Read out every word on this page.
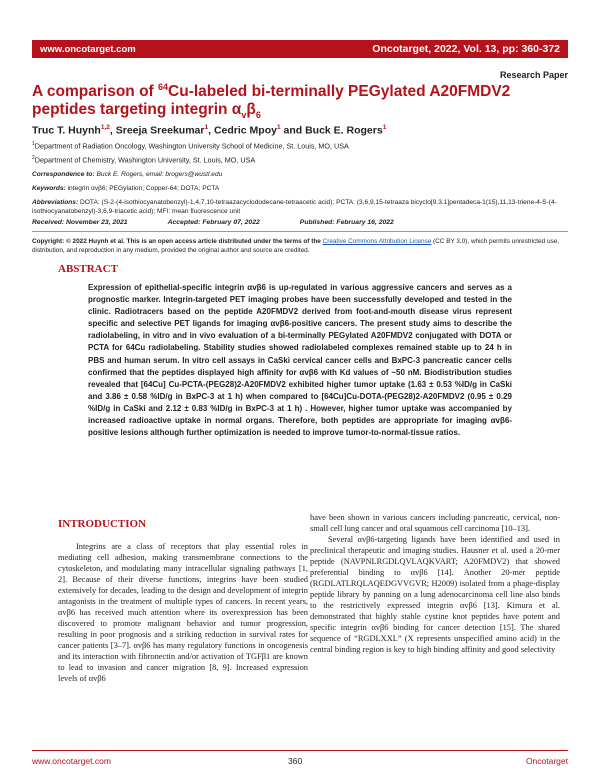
www.oncotarget.com	Oncotarget, 2022, Vol. 13, pp: 360-372
Research Paper
A comparison of $^{64}$Cu-labeled bi-terminally PEGylated A20FMDV2
peptides targeting integrin $\alpha_v\beta_6$
Truc T. Huynh$^{1,2}$, Sreeja Sreekumar$^1$, Cedric Mpoy$^1$ and Buck E. Rogers$^1$
$^1$Department of Radiation Oncology, Washington University School of Medicine, St. Louis, MO, USA
$^2$Department of Chemistry, Washington University, St. Louis, MO, USA
Correspondence to: Buck E. Rogers, email: brogers@wustl.edu
Keywords: integrin αvβ6; PEGylation; Copper-64; DOTA; PCTA
Abbreviations: DOTA: (S-2-(4-isothiocyanatobenzyl)-1,4,7,10-tetraazacyclododecane-tetraacetic acid); PCTA: (3,6,9,15-tetraaza bicyclo[9.3.1]pentadeca-1(15),11,13-triene-4-S-(4-isothiocyanatobenzyl)-3,6,9-triacetic acid); MFI: mean fluorescence unit
Received: November 23, 2021	Accepted: February 07, 2022	Published: February 16, 2022
Copyright: © 2022 Huynh et al. This is an open access article distributed under the terms of the Creative Commons Attribution License (CC BY 3.0), which permits unrestricted use, distribution, and reproduction in any medium, provided the original author and source are credited.
ABSTRACT
Expression of epithelial-specific integrin αvβ6 is up-regulated in various aggressive cancers and serves as a prognostic marker. Integrin-targeted PET imaging probes have been successfully developed and tested in the clinic. Radiotracers based on the peptide A20FMDV2 derived from foot-and-mouth disease virus represent specific and selective PET ligands for imaging αvβ6-positive cancers. The present study aims to describe the radiolabeling, in vitro and in vivo evaluation of a bi-terminally PEGylated A20FMDV2 conjugated with DOTA or PCTA for 64Cu radiolabeling. Stability studies showed radiolabeled complexes remained stable up to 24 h in PBS and human serum. In vitro cell assays in CaSki cervical cancer cells and BxPC-3 pancreatic cancer cells confirmed that the peptides displayed high affinity for αvβ6 with Kd values of ~50 nM. Biodistribution studies revealed that [64Cu] Cu-PCTA-(PEG28)2-A20FMDV2 exhibited higher tumor uptake (1.63 ± 0.53 %ID/g in CaSki and 3.86 ± 0.58 %ID/g in BxPC-3 at 1 h) when compared to [64Cu]Cu-DOTA-(PEG28)2-A20FMDV2 (0.95 ± 0.29 %ID/g in CaSki and 2.12 ± 0.83 %ID/g in BxPC-3 at 1 h) . However, higher tumor uptake was accompanied by increased radioactive uptake in normal organs. Therefore, both peptides are appropriate for imaging αvβ6-positive lesions although further optimization is needed to improve tumor-to-normal-tissue ratios.
INTRODUCTION

Integrins are a class of receptors that play essential roles in mediating cell adhesion, making transmembrane connections to the cytoskeleton, and modulating many intracellular signaling pathways [1, 2]. Because of their diverse functions, integrins have been studied extensively for decades, leading to the design and development of integrin antagonists in the treatment of multiple types of cancers. In recent years, αvβ6 has received much attention where its overexpression has been discovered to promote malignant behavior and tumor progression, resulting in poor prognosis and a striking reduction in survival rates for cancer patients [3–7]. αvβ6 has many regulatory functions in oncogenesis and its interaction with fibronectin and/or activation of TGFβ1 are known to lead to invasion and cancer migration [8, 9]. Increased expression levels of αvβ6

have been shown in various cancers including pancreatic, cervical, non-small cell lung cancer and oral squamous cell carcinoma [10–13].

Several αvβ6-targeting ligands have been identified and used in preclinical therapeutic and imaging studies. Hausner et al. used a 20-mer peptide (NAVPNLRGDLQVLAQKVART; A20FMDV2) that showed preferential binding to αvβ6 [14]. Another 20-mer peptide (RGDLATLRQLAQEDGVVGVR; H2009) isolated from a phage-display peptide library by panning on a lung adenocarcinoma cell line also binds to the restrictively expressed integrin αvβ6 [13]. Kimura et al. demonstrated that highly stable cystine knot peptides have potent and specific integrin αvβ6 binding for cancer detection [15]. The shared sequence of “RGDLXXL” (X represents unspecified amino acid) in the central binding region is key to high binding affinity and good selectivity

www.oncotarget.com	360	Oncotarget
